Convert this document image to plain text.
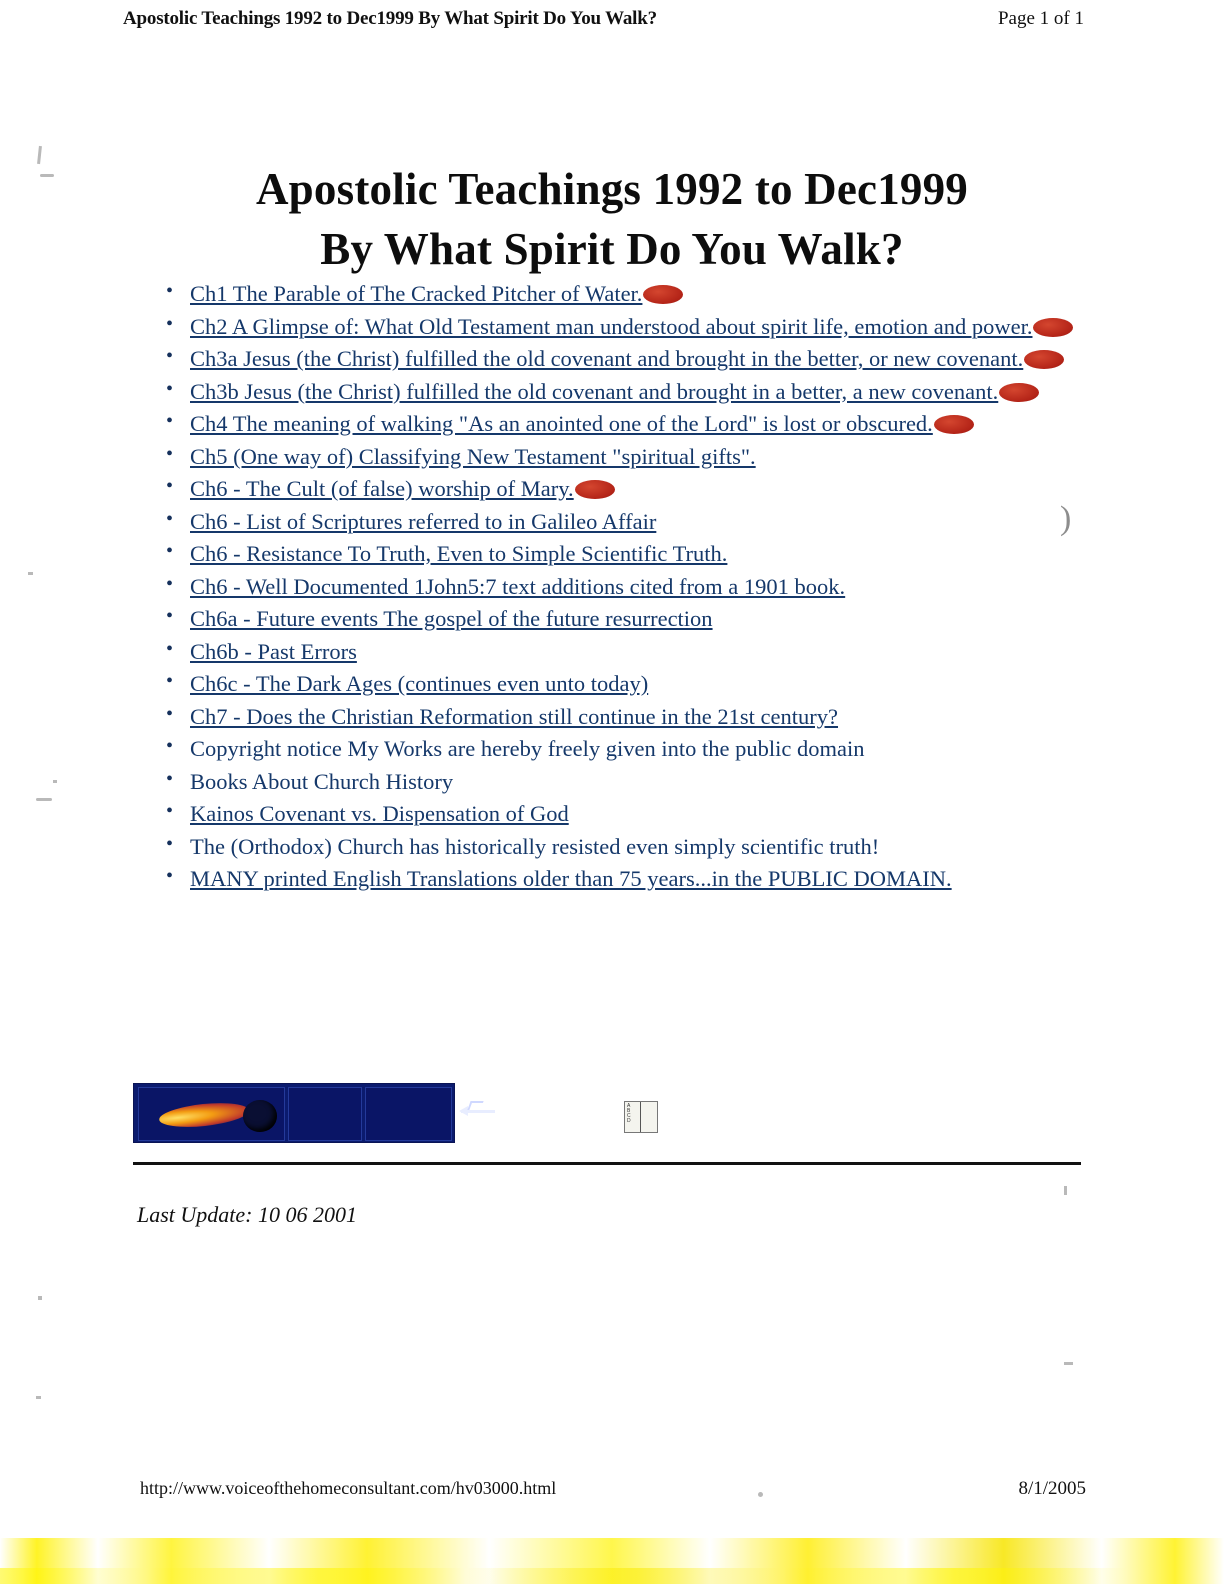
Apostolic Teachings 1992 to Dec1999 By What Spirit Do You Walk?	Page 1 of 1
Apostolic Teachings 1992 to Dec1999
By What Spirit Do You Walk?
• Ch1 The Parable of The Cracked Pitcher of Water.
• Ch2 A Glimpse of: What Old Testament man understood about spirit life, emotion and power.
• Ch3a Jesus (the Christ) fulfilled the old covenant and brought in the better, or new covenant.
• Ch3b Jesus (the Christ) fulfilled the old covenant and brought in a better, a new covenant.
• Ch4 The meaning of walking "As an anointed one of the Lord" is lost or obscured.
• Ch5 (One way of) Classifying New Testament "spiritual gifts".
• Ch6 - The Cult (of false) worship of Mary.
• Ch6 - List of Scriptures referred to in Galileo Affair
• Ch6 - Resistance To Truth, Even to Simple Scientific Truth.
• Ch6 - Well Documented 1John5:7 text additions cited from a 1901 book.
• Ch6a - Future events The gospel of the future resurrection
• Ch6b - Past Errors
• Ch6c - The Dark Ages (continues even unto today)
• Ch7 - Does the Christian Reformation still continue in the 21st century?
• Copyright notice My Works are hereby freely given into the public domain
• Books About Church History
• Kainos Covenant vs. Dispensation of God
• The (Orthodox) Church has historically resisted even simply scientific truth!
• MANY printed English Translations older than 75 years...in the PUBLIC DOMAIN.
A
B
C
D
Last Update: 10 06 2001
http://www.voiceofthehomeconsultant.com/hv03000.html	8/1/2005
)
